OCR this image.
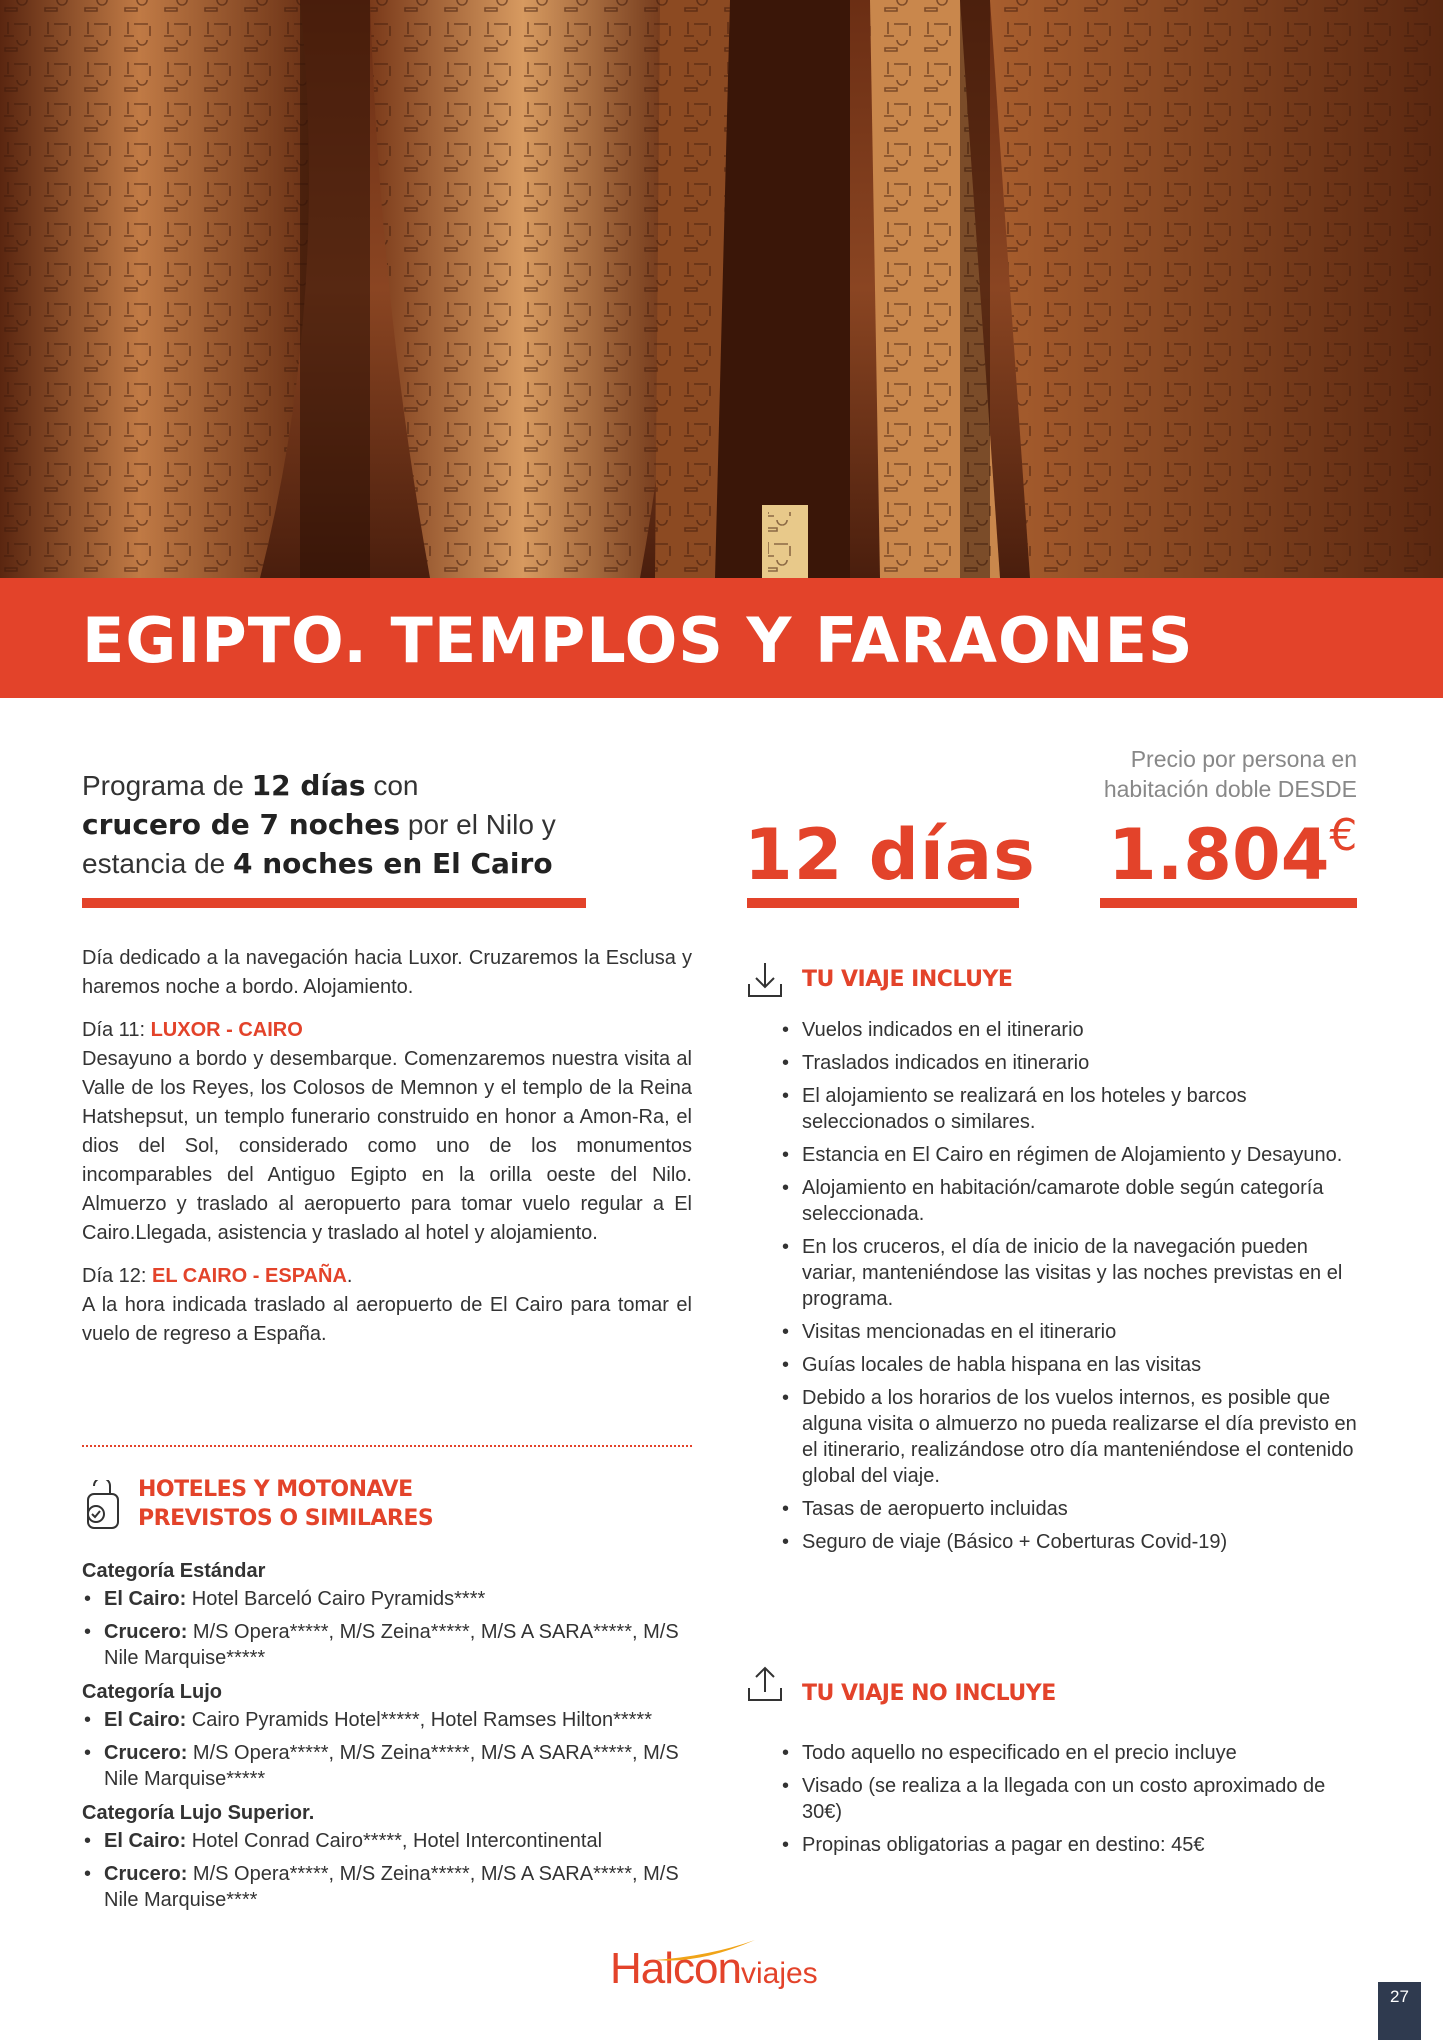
EGIPTO. TEMPLOS Y FARAONES
Programa de 12 días con
crucero de 7 noches por el Nilo y
estancia de 4 noches en El Cairo
Precio por persona en
habitación doble DESDE
12 días 1.804€

Día dedicado a la navegación hacia Luxor. Cruzaremos la Esclusa y haremos noche a bordo. Alojamiento.

Día 11: LUXOR - CAIRO

Desayuno a bordo y desembarque. Comenzaremos nuestra visita al Valle de los Reyes, los Colosos de Memnon y el templo de la Reina Hatshepsut, un templo funerario construido en honor a Amon-Ra, el dios del Sol, considerado como uno de los monumentos incomparables del Antiguo Egipto en la orilla oeste del Nilo. Almuerzo y traslado al aeropuerto para tomar vuelo regular a El Cairo.Llegada, asistencia y traslado al hotel y alojamiento.

Día 12: EL CAIRO - ESPAÑA.

A la hora indicada traslado al aeropuerto de El Cairo para tomar el vuelo de regreso a España.

HOTELES Y MOTONAVE
PREVISTOS O SIMILARES
Categoría Estándar
• El Cairo: Hotel Barceló Cairo Pyramids****
• Crucero: M/S Opera*****, M/S Zeina*****, M/S A SARA*****, M/S Nile Marquise*****
Categoría Lujo
• El Cairo: Cairo Pyramids Hotel*****, Hotel Ramses Hilton*****
• Crucero: M/S Opera*****, M/S Zeina*****, M/S A SARA*****, M/S Nile Marquise*****
Categoría Lujo Superior.
• El Cairo: Hotel Conrad Cairo*****, Hotel Intercontinental
• Crucero: M/S Opera*****, M/S Zeina*****, M/S A SARA*****, M/S Nile Marquise****
TU VIAJE INCLUYE
• Vuelos indicados en el itinerario
• Traslados indicados en itinerario
• El alojamiento se realizará en los hoteles y barcos seleccionados o similares.
• Estancia en El Cairo en régimen de Alojamiento y Desayuno.
• Alojamiento en habitación/camarote doble según categoría seleccionada.
• En los cruceros, el día de inicio de la navegación pueden variar, manteniéndose las visitas y las noches previstas en el programa.
• Visitas mencionadas en el itinerario
• Guías locales de habla hispana en las visitas
• Debido a los horarios de los vuelos internos, es posible que alguna visita o almuerzo no pueda realizarse el día previsto en el itinerario, realizándose otro día manteniéndose el contenido global del viaje.
• Tasas de aeropuerto incluidas
• Seguro de viaje (Básico + Coberturas Covid-19)
TU VIAJE NO INCLUYE
• Todo aquello no especificado en el precio incluye
• Visado (se realiza a la llegada con un costo aproximado de 30€)
• Propinas obligatorias a pagar en destino: 45€
Halconviajes
27
